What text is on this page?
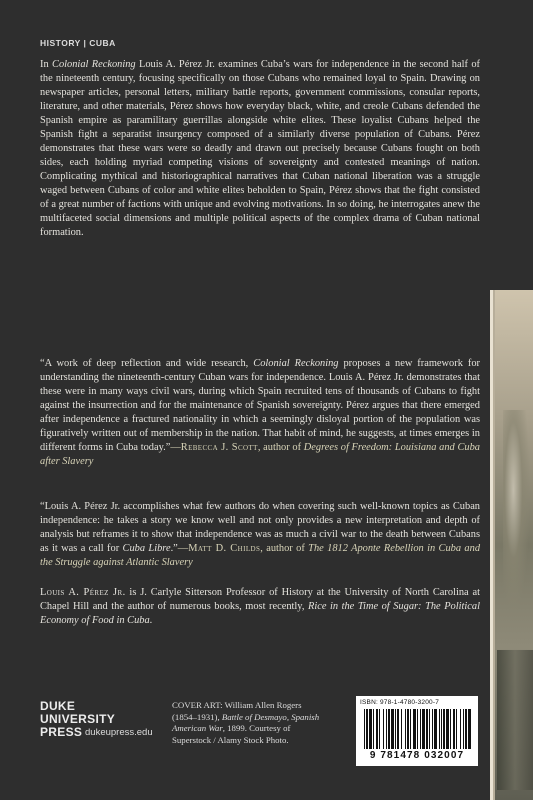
HISTORY | CUBA

In Colonial Reckoning Louis A. Pérez Jr. examines Cuba’s wars for independence in the second half of the nineteenth century, focusing specifically on those Cubans who remained loyal to Spain. Drawing on newspaper articles, personal letters, military battle reports, government commissions, consular reports, literature, and other materials, Pérez shows how everyday black, white, and creole Cubans defended the Spanish empire as paramilitary guerrillas alongside white elites. These loyalist Cubans helped the Spanish fight a separatist insurgency composed of a similarly diverse population of Cubans. Pérez demonstrates that these wars were so deadly and drawn out precisely because Cubans fought on both sides, each holding myriad competing visions of sovereignty and contested meanings of nation. Complicating mythical and historiographical narratives that Cuban national liberation was a struggle waged between Cubans of color and white elites beholden to Spain, Pérez shows that the fight consisted of a great number of factions with unique and evolving motivations. In so doing, he interrogates anew the multifaceted social dimensions and multiple political aspects of the complex drama of Cuban national formation.

“A work of deep reflection and wide research, Colonial Reckoning proposes a new framework for understanding the nineteenth-century Cuban wars for independence. Louis A. Pérez Jr. demonstrates that these were in many ways civil wars, during which Spain recruited tens of thousands of Cubans to fight against the insurrection and for the maintenance of Spanish sovereignty. Pérez argues that there emerged after independence a fractured nationality in which a seemingly disloyal portion of the population was figuratively written out of membership in the nation. That habit of mind, he suggests, at times emerges in different forms in Cuba today.”—Rebecca J. Scott, author of Degrees of Freedom: Louisiana and Cuba after Slavery

“Louis A. Pérez Jr. accomplishes what few authors do when covering such well-known topics as Cuban independence: he takes a story we know well and not only provides a new interpretation and depth of analysis but reframes it to show that independence was as much a civil war to the death between Cubans as it was a call for Cuba Libre.”—Matt D. Childs, author of The 1812 Aponte Rebellion in Cuba and the Struggle against Atlantic Slavery

Louis A. Pérez Jr. is J. Carlyle Sitterson Professor of History at the University of North Carolina at Chapel Hill and the author of numerous books, most recently, Rice in the Time of Sugar: The Political Economy of Food in Cuba.

DUKE
UNIVERSITY
PRESS dukeupress.edu
COVER ART: William Allen Rogers (1854–1931), Battle of Desmayo, Spanish American War, 1899. Courtesy of Superstock / Alamy Stock Photo.
ISBN: 978-1-4780-3200-7
9 781478 032007
